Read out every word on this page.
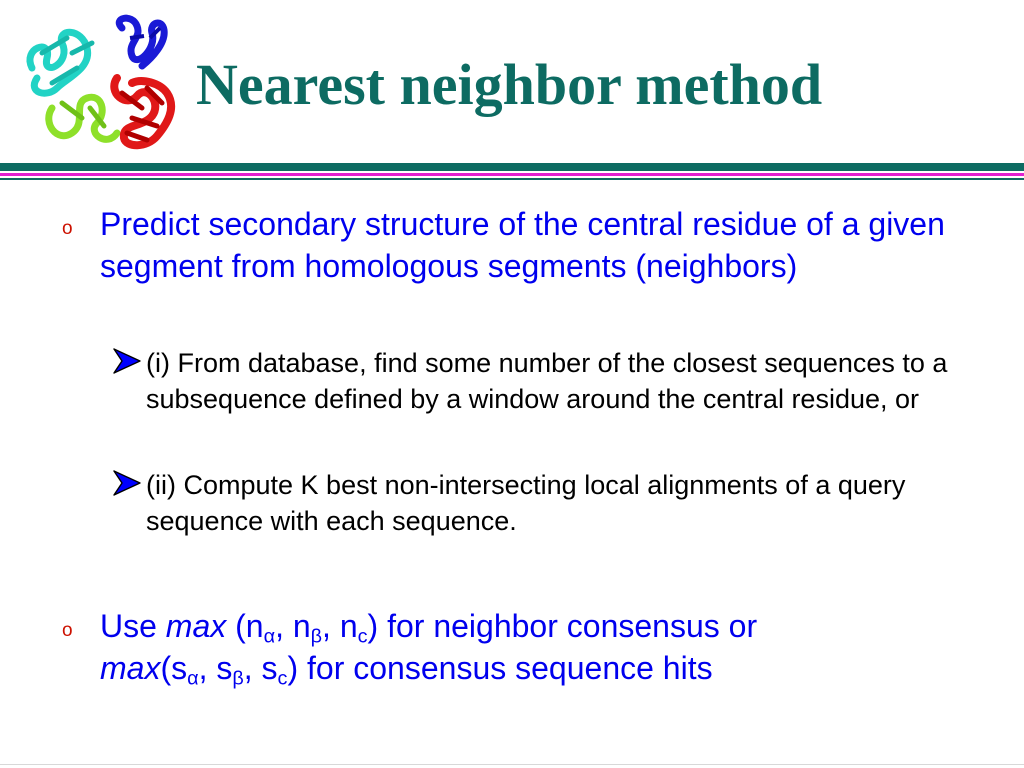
Nearest neighbor method
o Predict secondary structure of the central residue of a given segment from homologous segments (neighbors)
(i) From database, find some number of the closest sequences to a subsequence defined by a window around the central residue, or
(ii) Compute K best non-intersecting local alignments of a query sequence with each sequence.
o Use $\max (n_\alpha$, $n_\beta$, $n_c$) for neighbor consensus or
$\max(s_\alpha$, $s_\beta$, $s_c$) for consensus sequence hits
